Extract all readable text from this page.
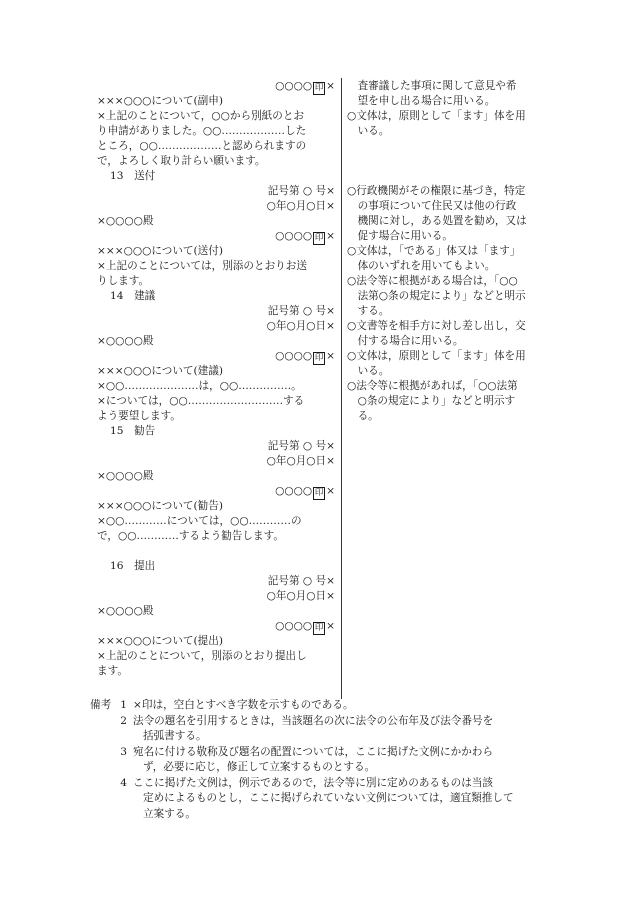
○○○○ 印 ×
×××○○○について(副申)
×上記のことについて，○○から別紙のとお
り申請がありました。○○………………した
ところ，○○………………と認められますの
で，よろしく取り計らい願います。
13　送付
記号第 ○ 号×
○年○月○日×
×○○○○殿
○○○○ 印 ×
×××○○○について(送付)
×上記のことについては，別添のとおりお送
りします。
14　建議
記号第 ○ 号×
○年○月○日×
×○○○○殿
○○○○ 印 ×
×××○○○について(建議)
×○○…………………は，○○……………。
×については，○○………………………する
よう要望します。
15　勧告
記号第 ○ 号×
○年○月○日×
×○○○○殿
○○○○ 印 ×
×××○○○について(勧告)
×○○…………については，○○…………の
で，○○…………するよう勧告します。
16　提出
記号第 ○ 号×
○年○月○日×
×○○○○殿
○○○○ 印 ×
×××○○○について(提出)
×上記のことについて，別添のとおり提出し
ます。
　査審議した事項に関して意見や希
　望を申し出る場合に用いる。
○文体は，原則として「ます」体を用
　いる。
○行政機関がその権限に基づき，特定
　の事項について住民又は他の行政
　機関に対し，ある処置を勧め，又は
　促す場合に用いる。
○文体は，「である」体又は「ます」
　体のいずれを用いてもよい。
○法令等に根拠がある場合は，「○○
　法第○条の規定により」などと明示
　する。
○文書等を相手方に対し差し出し，交
　付する場合に用いる。
○文体は，原則として「ます」体を用
　いる。
○法令等に根拠があれば，「○○法第
　○条の規定により」などと明示す
　る。
備考 1 ×印は，空白とすべき字数を示すものである。
2 法令の題名を引用するときは，当該題名の次に法令の公布年及び法令番号を
括弧書する。
3 宛名に付ける敬称及び題名の配置については，ここに掲げた文例にかかわら
ず，必要に応じ，修正して立案するものとする。
4 ここに掲げた文例は，例示であるので，法令等に別に定めのあるものは当該
定めによるものとし，ここに掲げられていない文例については，適宜類推して
立案する。
